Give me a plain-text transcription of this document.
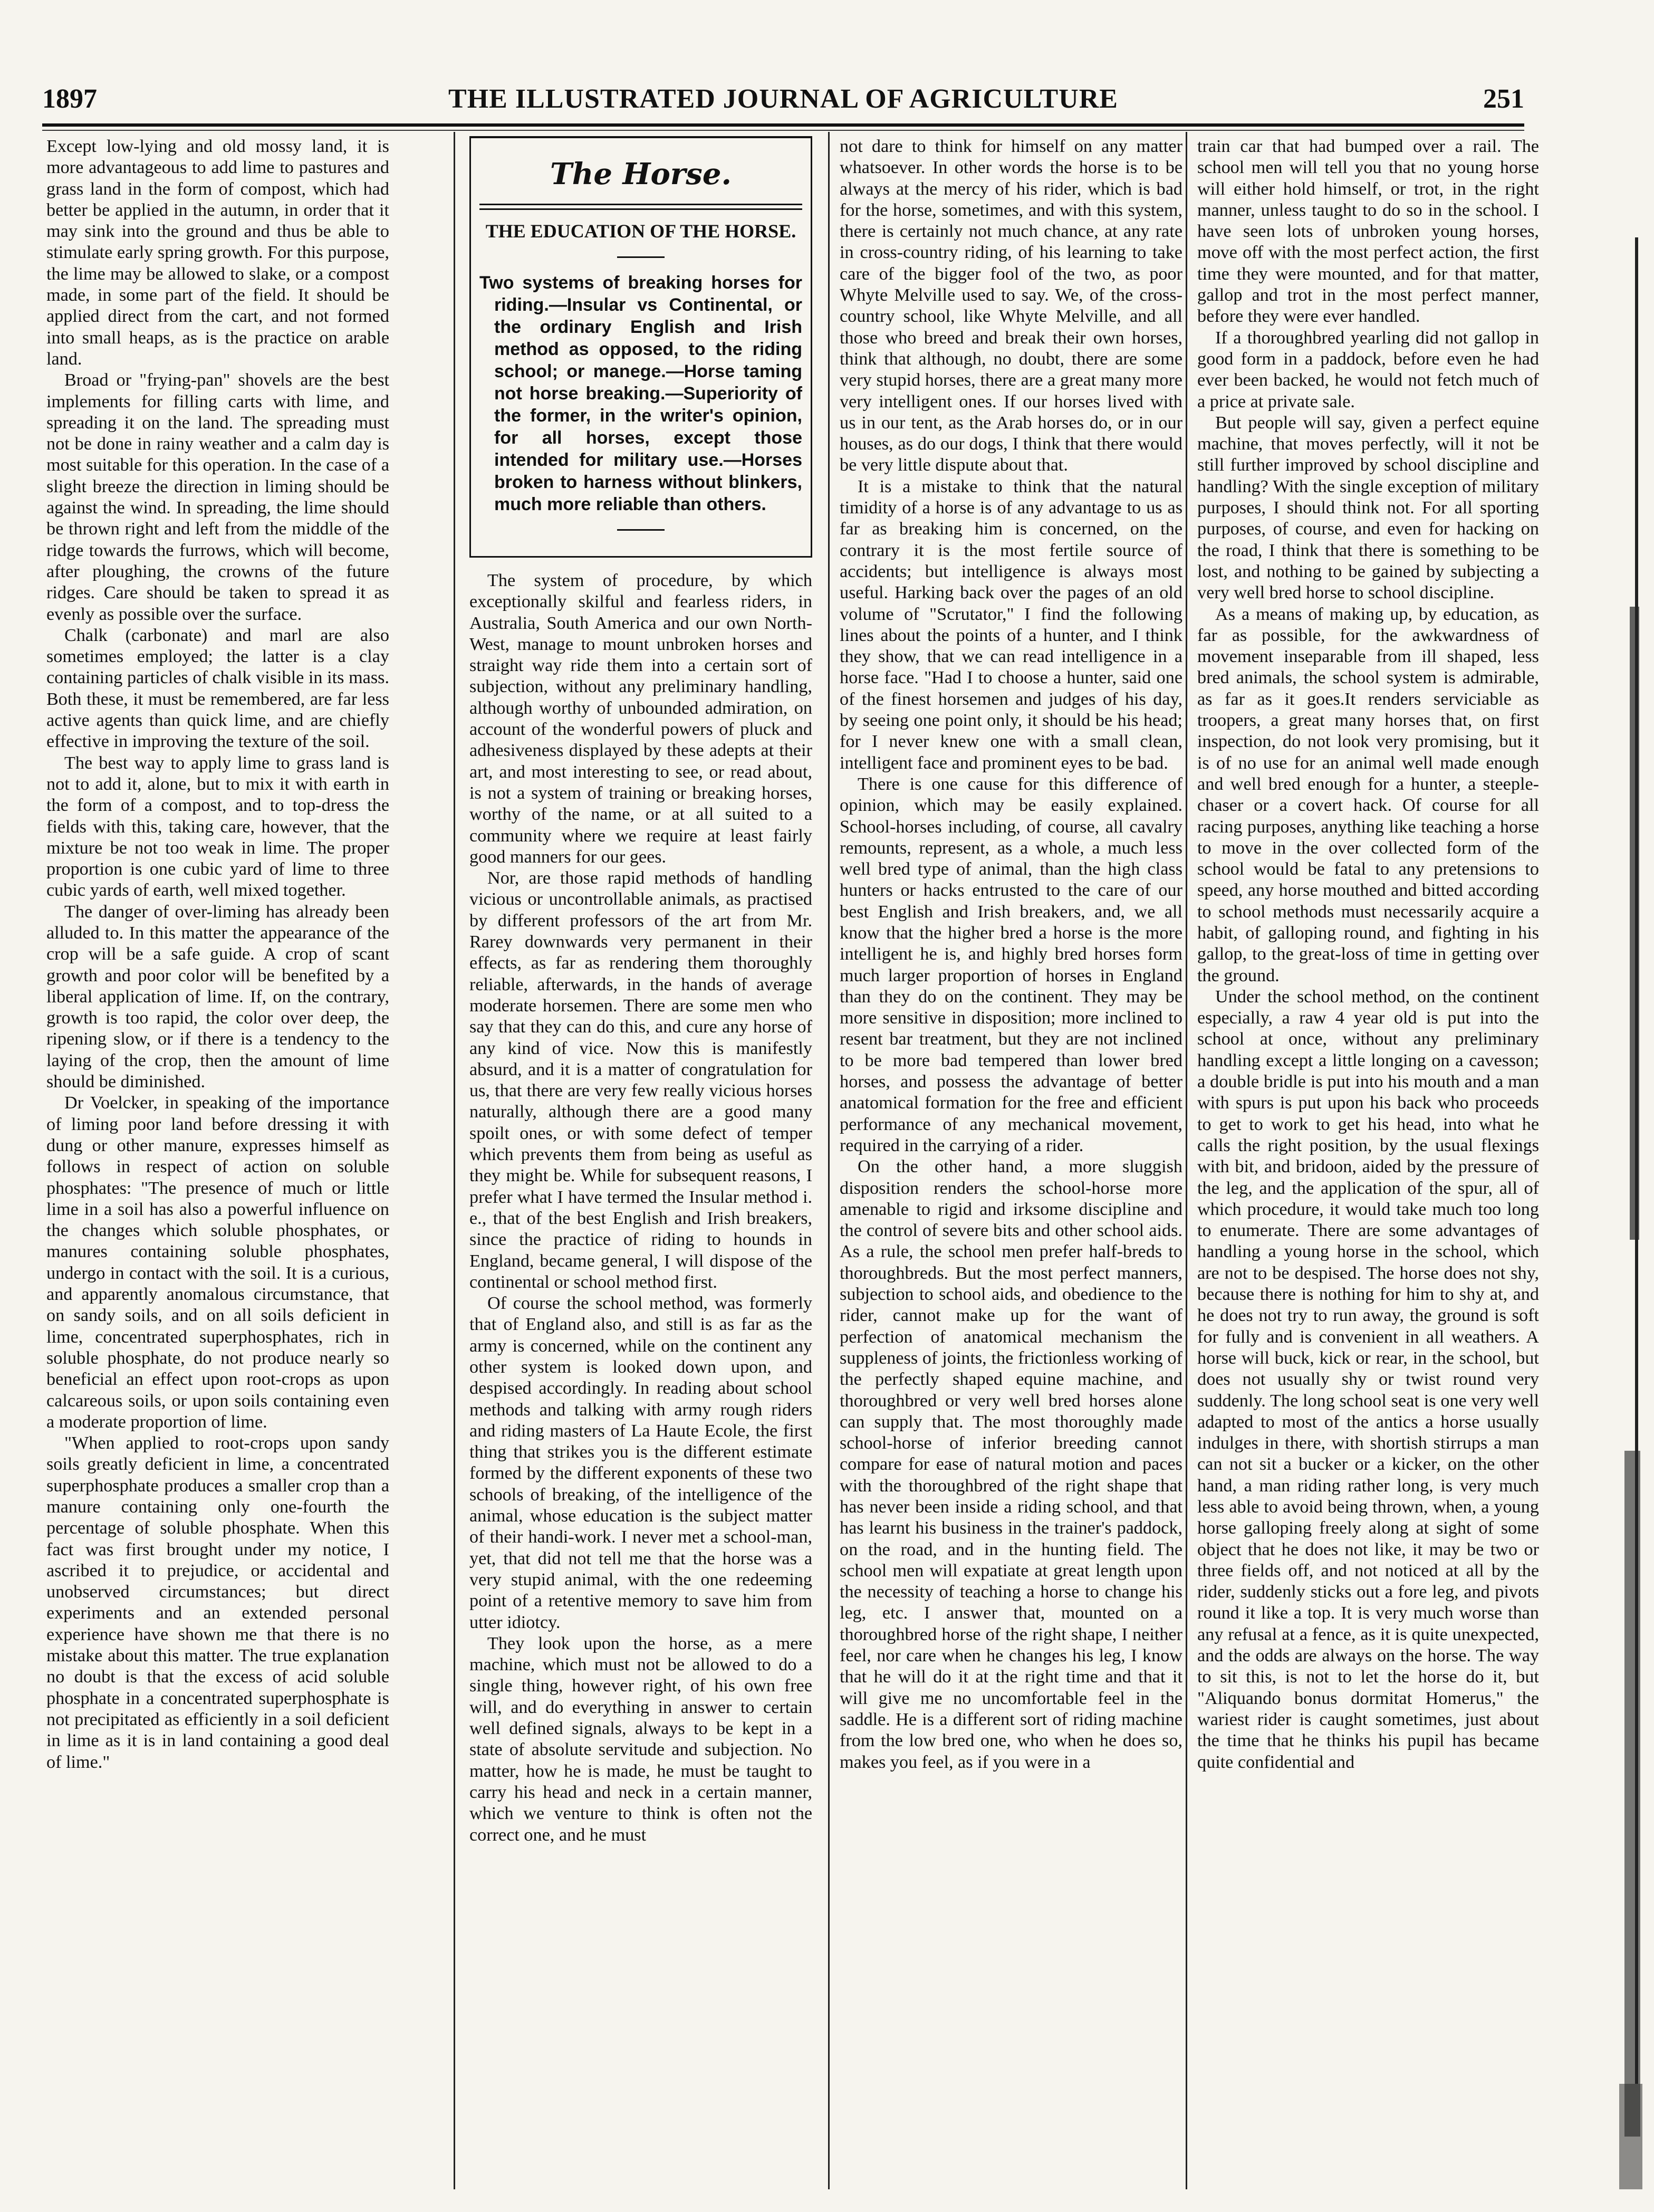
1897	THE ILLUSTRATED JOURNAL OF AGRICULTURE	251

Except low-lying and old mossy land, it is more advantageous to add lime to pastures and grass land in the form of compost, which had better be applied in the autumn, in order that it may sink into the ground and thus be able to stimulate early spring growth. For this purpose, the lime may be allowed to slake, or a compost made, in some part of the field. It should be applied direct from the cart, and not formed into small heaps, as is the practice on arable land.

Broad or "frying-pan" shovels are the best implements for filling carts with lime, and spreading it on the land. The spreading must not be done in rainy weather and a calm day is most suitable for this operation. In the case of a slight breeze the direction in liming should be against the wind. In spreading, the lime should be thrown right and left from the middle of the ridge towards the furrows, which will become, after ploughing, the crowns of the future ridges. Care should be taken to spread it as evenly as possible over the surface.

Chalk (carbonate) and marl are also sometimes employed; the latter is a clay containing particles of chalk visible in its mass. Both these, it must be remembered, are far less active agents than quick lime, and are chiefly effective in improving the texture of the soil.

The best way to apply lime to grass land is not to add it, alone, but to mix it with earth in the form of a compost, and to top-dress the fields with this, taking care, however, that the mixture be not too weak in lime. The proper proportion is one cubic yard of lime to three cubic yards of earth, well mixed together.

The danger of over-liming has already been alluded to. In this matter the appearance of the crop will be a safe guide. A crop of scant growth and poor color will be benefited by a liberal application of lime. If, on the contrary, growth is too rapid, the color over deep, the ripening slow, or if there is a tendency to the laying of the crop, then the amount of lime should be diminished.

Dr Voelcker, in speaking of the importance of liming poor land before dressing it with dung or other manure, expresses himself as follows in respect of action on soluble phosphates: "The presence of much or little lime in a soil has also a powerful influence on the changes which soluble phosphates, or manures containing soluble phosphates, undergo in contact with the soil. It is a curious, and apparently anomalous circumstance, that on sandy soils, and on all soils deficient in lime, concentrated superphosphates, rich in soluble phosphate, do not produce nearly so beneficial an effect upon root-crops as upon calcareous soils, or upon soils containing even a moderate proportion of lime.

"When applied to root-crops upon sandy soils greatly deficient in lime, a concentrated superphosphate produces a smaller crop than a manure containing only one-fourth the percentage of soluble phosphate. When this fact was first brought under my notice, I ascribed it to prejudice, or accidental and unobserved circumstances; but direct experiments and an extended personal experience have shown me that there is no mistake about this matter. The true explanation no doubt is that the excess of acid soluble phosphate in a concentrated superphosphate is not precipitated as efficiently in a soil deficient in lime as it is in land containing a good deal of lime."

The Horse.
THE EDUCATION OF THE HORSE.

Two systems of breaking horses for riding.—Insular vs Continental, or the ordinary English and Irish method as opposed, to the riding school; or manege.—Horse taming not horse breaking.—Superiority of the former, in the writer's opinion, for all horses, except those intended for military use.—Horses broken to harness without blinkers, much more reliable than others.

The system of procedure, by which exceptionally skilful and fearless riders, in Australia, South America and our own North-West, manage to mount unbroken horses and straight way ride them into a certain sort of subjection, without any preliminary handling, although worthy of unbounded admiration, on account of the wonderful powers of pluck and adhesiveness displayed by these adepts at their art, and most interesting to see, or read about, is not a system of training or breaking horses, worthy of the name, or at all suited to a community where we require at least fairly good manners for our gees.

Nor, are those rapid methods of handling vicious or uncontrollable animals, as practised by different professors of the art from Mr. Rarey downwards very permanent in their effects, as far as rendering them thoroughly reliable, afterwards, in the hands of average moderate horsemen. There are some men who say that they can do this, and cure any horse of any kind of vice. Now this is manifestly absurd, and it is a matter of congratulation for us, that there are very few really vicious horses naturally, although there are a good many spoilt ones, or with some defect of temper which prevents them from being as useful as they might be. While for subsequent reasons, I prefer what I have termed the Insular method i. e., that of the best English and Irish breakers, since the practice of riding to hounds in England, became general, I will dispose of the continental or school method first.

Of course the school method, was formerly that of England also, and still is as far as the army is concerned, while on the continent any other system is looked down upon, and despised accordingly. In reading about school methods and talking with army rough riders and riding masters of La Haute Ecole, the first thing that strikes you is the different estimate formed by the different exponents of these two schools of breaking, of the intelligence of the animal, whose education is the subject matter of their handi-work. I never met a school-man, yet, that did not tell me that the horse was a very stupid animal, with the one redeeming point of a retentive memory to save him from utter idiotcy.

They look upon the horse, as a mere machine, which must not be allowed to do a single thing, however right, of his own free will, and do everything in answer to certain well defined signals, always to be kept in a state of absolute servitude and subjection. No matter, how he is made, he must be taught to carry his head and neck in a certain manner, which we venture to think is often not the correct one, and he must

not dare to think for himself on any matter whatsoever. In other words the horse is to be always at the mercy of his rider, which is bad for the horse, sometimes, and with this system, there is certainly not much chance, at any rate in cross-country riding, of his learning to take care of the bigger fool of the two, as poor Whyte Melville used to say. We, of the cross-country school, like Whyte Melville, and all those who breed and break their own horses, think that although, no doubt, there are some very stupid horses, there are a great many more very intelligent ones. If our horses lived with us in our tent, as the Arab horses do, or in our houses, as do our dogs, I think that there would be very little dispute about that.

It is a mistake to think that the natural timidity of a horse is of any advantage to us as far as breaking him is concerned, on the contrary it is the most fertile source of accidents; but intelligence is always most useful. Harking back over the pages of an old volume of "Scrutator," I find the following lines about the points of a hunter, and I think they show, that we can read intelligence in a horse face. "Had I to choose a hunter, said one of the finest horsemen and judges of his day, by seeing one point only, it should be his head; for I never knew one with a small clean, intelligent face and prominent eyes to be bad.

There is one cause for this difference of opinion, which may be easily explained. School-horses including, of course, all cavalry remounts, represent, as a whole, a much less well bred type of animal, than the high class hunters or hacks entrusted to the care of our best English and Irish breakers, and, we all know that the higher bred a horse is the more intelligent he is, and highly bred horses form much larger proportion of horses in England than they do on the continent. They may be more sensitive in disposition; more inclined to resent bar treatment, but they are not inclined to be more bad tempered than lower bred horses, and possess the advantage of better anatomical formation for the free and efficient performance of any mechanical movement, required in the carrying of a rider.

On the other hand, a more sluggish disposition renders the school-horse more amenable to rigid and irksome discipline and the control of severe bits and other school aids. As a rule, the school men prefer half-breds to thoroughbreds. But the most perfect manners, subjection to school aids, and obedience to the rider, cannot make up for the want of perfection of anatomical mechanism the suppleness of joints, the frictionless working of the perfectly shaped equine machine, and thoroughbred or very well bred horses alone can supply that. The most thoroughly made school-horse of inferior breeding cannot compare for ease of natural motion and paces with the thoroughbred of the right shape that has never been inside a riding school, and that has learnt his business in the trainer's paddock, on the road, and in the hunting field. The school men will expatiate at great length upon the necessity of teaching a horse to change his leg, etc. I answer that, mounted on a thoroughbred horse of the right shape, I neither feel, nor care when he changes his leg, I know that he will do it at the right time and that it will give me no uncomfortable feel in the saddle. He is a different sort of riding machine from the low bred one, who when he does so, makes you feel, as if you were in a

train car that had bumped over a rail. The school men will tell you that no young horse will either hold himself, or trot, in the right manner, unless taught to do so in the school. I have seen lots of unbroken young horses, move off with the most perfect action, the first time they were mounted, and for that matter, gallop and trot in the most perfect manner, before they were ever handled.

If a thoroughbred yearling did not gallop in good form in a paddock, before even he had ever been backed, he would not fetch much of a price at private sale.

But people will say, given a perfect equine machine, that moves perfectly, will it not be still further improved by school discipline and handling? With the single exception of military purposes, I should think not. For all sporting purposes, of course, and even for hacking on the road, I think that there is something to be lost, and nothing to be gained by subjecting a very well bred horse to school discipline.

As a means of making up, by education, as far as possible, for the awkwardness of movement inseparable from ill shaped, less bred animals, the school system is admirable, as far as it goes.It renders serviciable as troopers, a great many horses that, on first inspection, do not look very promising, but it is of no use for an animal well made enough and well bred enough for a hunter, a steeple-chaser or a covert hack. Of course for all racing purposes, anything like teaching a horse to move in the over collected form of the school would be fatal to any pretensions to speed, any horse mouthed and bitted according to school methods must necessarily acquire a habit, of galloping round, and fighting in his gallop, to the great-loss of time in getting over the ground.

Under the school method, on the continent especially, a raw 4 year old is put into the school at once, without any preliminary handling except a little longing on a cavesson; a double bridle is put into his mouth and a man with spurs is put upon his back who proceeds to get to work to get his head, into what he calls the right position, by the usual flexings with bit, and bridoon, aided by the pressure of the leg, and the application of the spur, all of which procedure, it would take much too long to enumerate. There are some advantages of handling a young horse in the school, which are not to be despised. The horse does not shy, because there is nothing for him to shy at, and he does not try to run away, the ground is soft for fully and is convenient in all weathers. A horse will buck, kick or rear, in the school, but does not usually shy or twist round very suddenly. The long school seat is one very well adapted to most of the antics a horse usually indulges in there, with shortish stirrups a man can not sit a bucker or a kicker, on the other hand, a man riding rather long, is very much less able to avoid being thrown, when, a young horse galloping freely along at sight of some object that he does not like, it may be two or three fields off, and not noticed at all by the rider, suddenly sticks out a fore leg, and pivots round it like a top. It is very much worse than any refusal at a fence, as it is quite unexpected, and the odds are always on the horse. The way to sit this, is not to let the horse do it, but "Aliquando bonus dormitat Homerus," the wariest rider is caught sometimes, just about the time that he thinks his pupil has became quite confidential and
